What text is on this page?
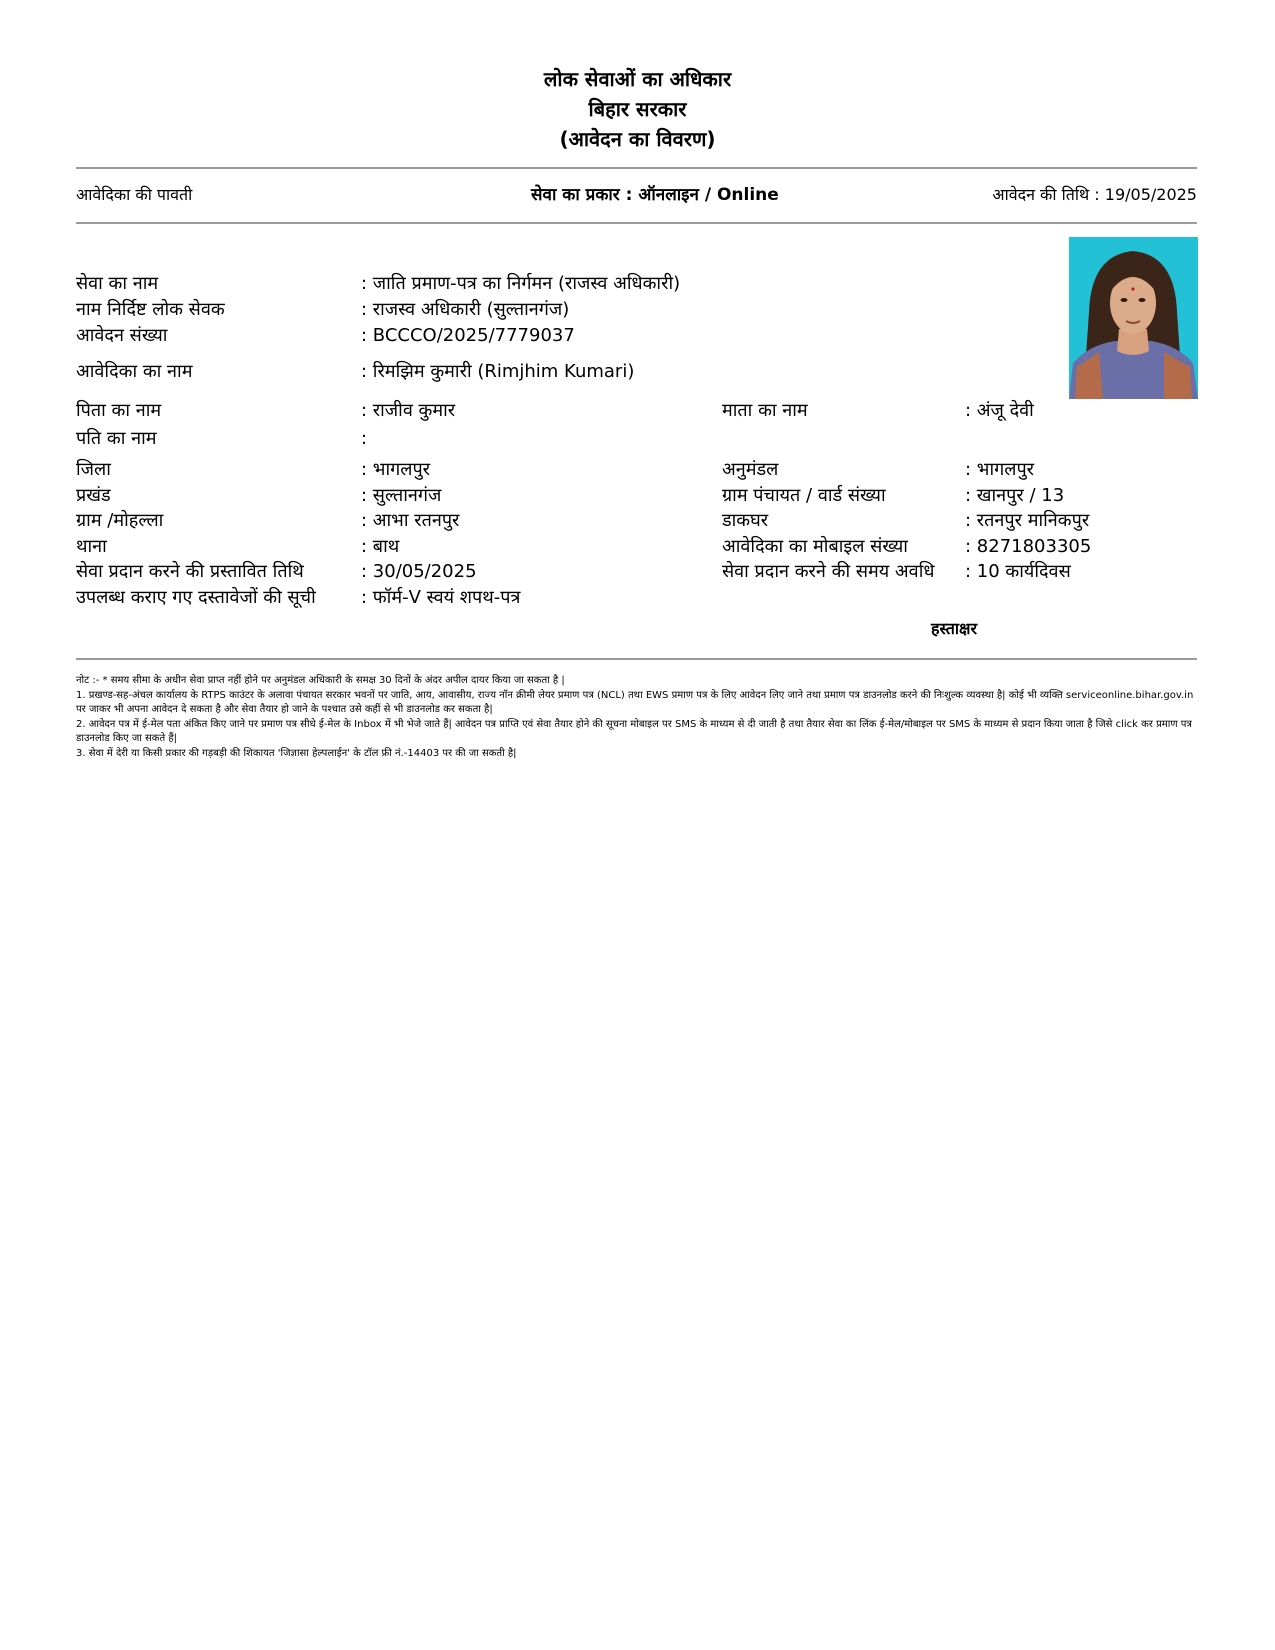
लोक सेवाओं का अधिकार
बिहार सरकार
(आवेदन का विवरण)
आवेदिका की पावती	सेवा का प्रकार : ऑनलाइन / Online	आवेदन की तिथि : 19/05/2025
सेवा का नाम	: जाति प्रमाण-पत्र का निर्गमन (राजस्व अधिकारी)
नाम निर्दिष्ट लोक सेवक	: राजस्व अधिकारी (सुल्तानगंज)
आवेदन संख्या	: BCCCO/2025/7779037
आवेदिका का नाम	: रिमझिम कुमारी (Rimjhim Kumari)
पिता का नाम	: राजीव कुमार	माता का नाम	: अंजू देवी
पति का नाम	:
जिला	: भागलपुर	अनुमंडल	: भागलपुर
प्रखंड	: सुल्तानगंज	ग्राम पंचायत / वार्ड संख्या	: खानपुर / 13
ग्राम /मोहल्ला	: आभा रतनपुर	डाकघर	: रतनपुर मानिकपुर
थाना	: बाथ	आवेदिका का मोबाइल संख्या	: 8271803305
सेवा प्रदान करने की प्रस्तावित तिथि	: 30/05/2025	सेवा प्रदान करने की समय अवधि : 10 कार्यदिवस
उपलब्ध कराए गए दस्तावेजों की सूची	: फॉर्म-V स्वयं शपथ-पत्र
हस्ताक्षर

नोट :- * समय सीमा के अधीन सेवा प्राप्त नहीं होने पर अनुमंडल अधिकारी के समक्ष 30 दिनों के अंदर अपील दायर किया जा सकता है |

1. प्रखण्ड-सह-अंचल कार्यालय के RTPS काउंटर के अलावा पंचायत सरकार भवनों पर जाति, आय, आवासीय, राज्य नॉन क्रीमी लेयर प्रमाण पत्र (NCL) तथा EWS प्रमाण पत्र के लिए आवेदन लिए जाने तथा प्रमाण पत्र डाउनलोड करने की निःशुल्क व्यवस्था है| कोई भी व्यक्ति serviceonline.bihar.gov.in पर जाकर भी अपना आवेदन दे सकता है और सेवा तैयार हो जाने के पश्चात उसे कहीं से भी डाउनलोड कर सकता है|

2. आवेदन पत्र में ई-मेल पता अंकित किए जाने पर प्रमाण पत्र सीधे ई-मेल के Inbox में भी भेजे जाते हैं| आवेदन पत्र प्राप्ति एवं सेवा तैयार होने की सूचना मोबाइल पर SMS के माध्यम से दी जाती है तथा तैयार सेवा का लिंक ई-मेल/मोबाइल पर SMS के माध्यम से प्रदान किया जाता है जिसे click कर प्रमाण पत्र डाउनलोड किए जा सकते हैं|

3. सेवा में देरी या किसी प्रकार की गड़बड़ी की शिकायत 'जिज्ञासा हेल्पलाईन' के टॉल फ्री नं.-14403 पर की जा सकती है|
